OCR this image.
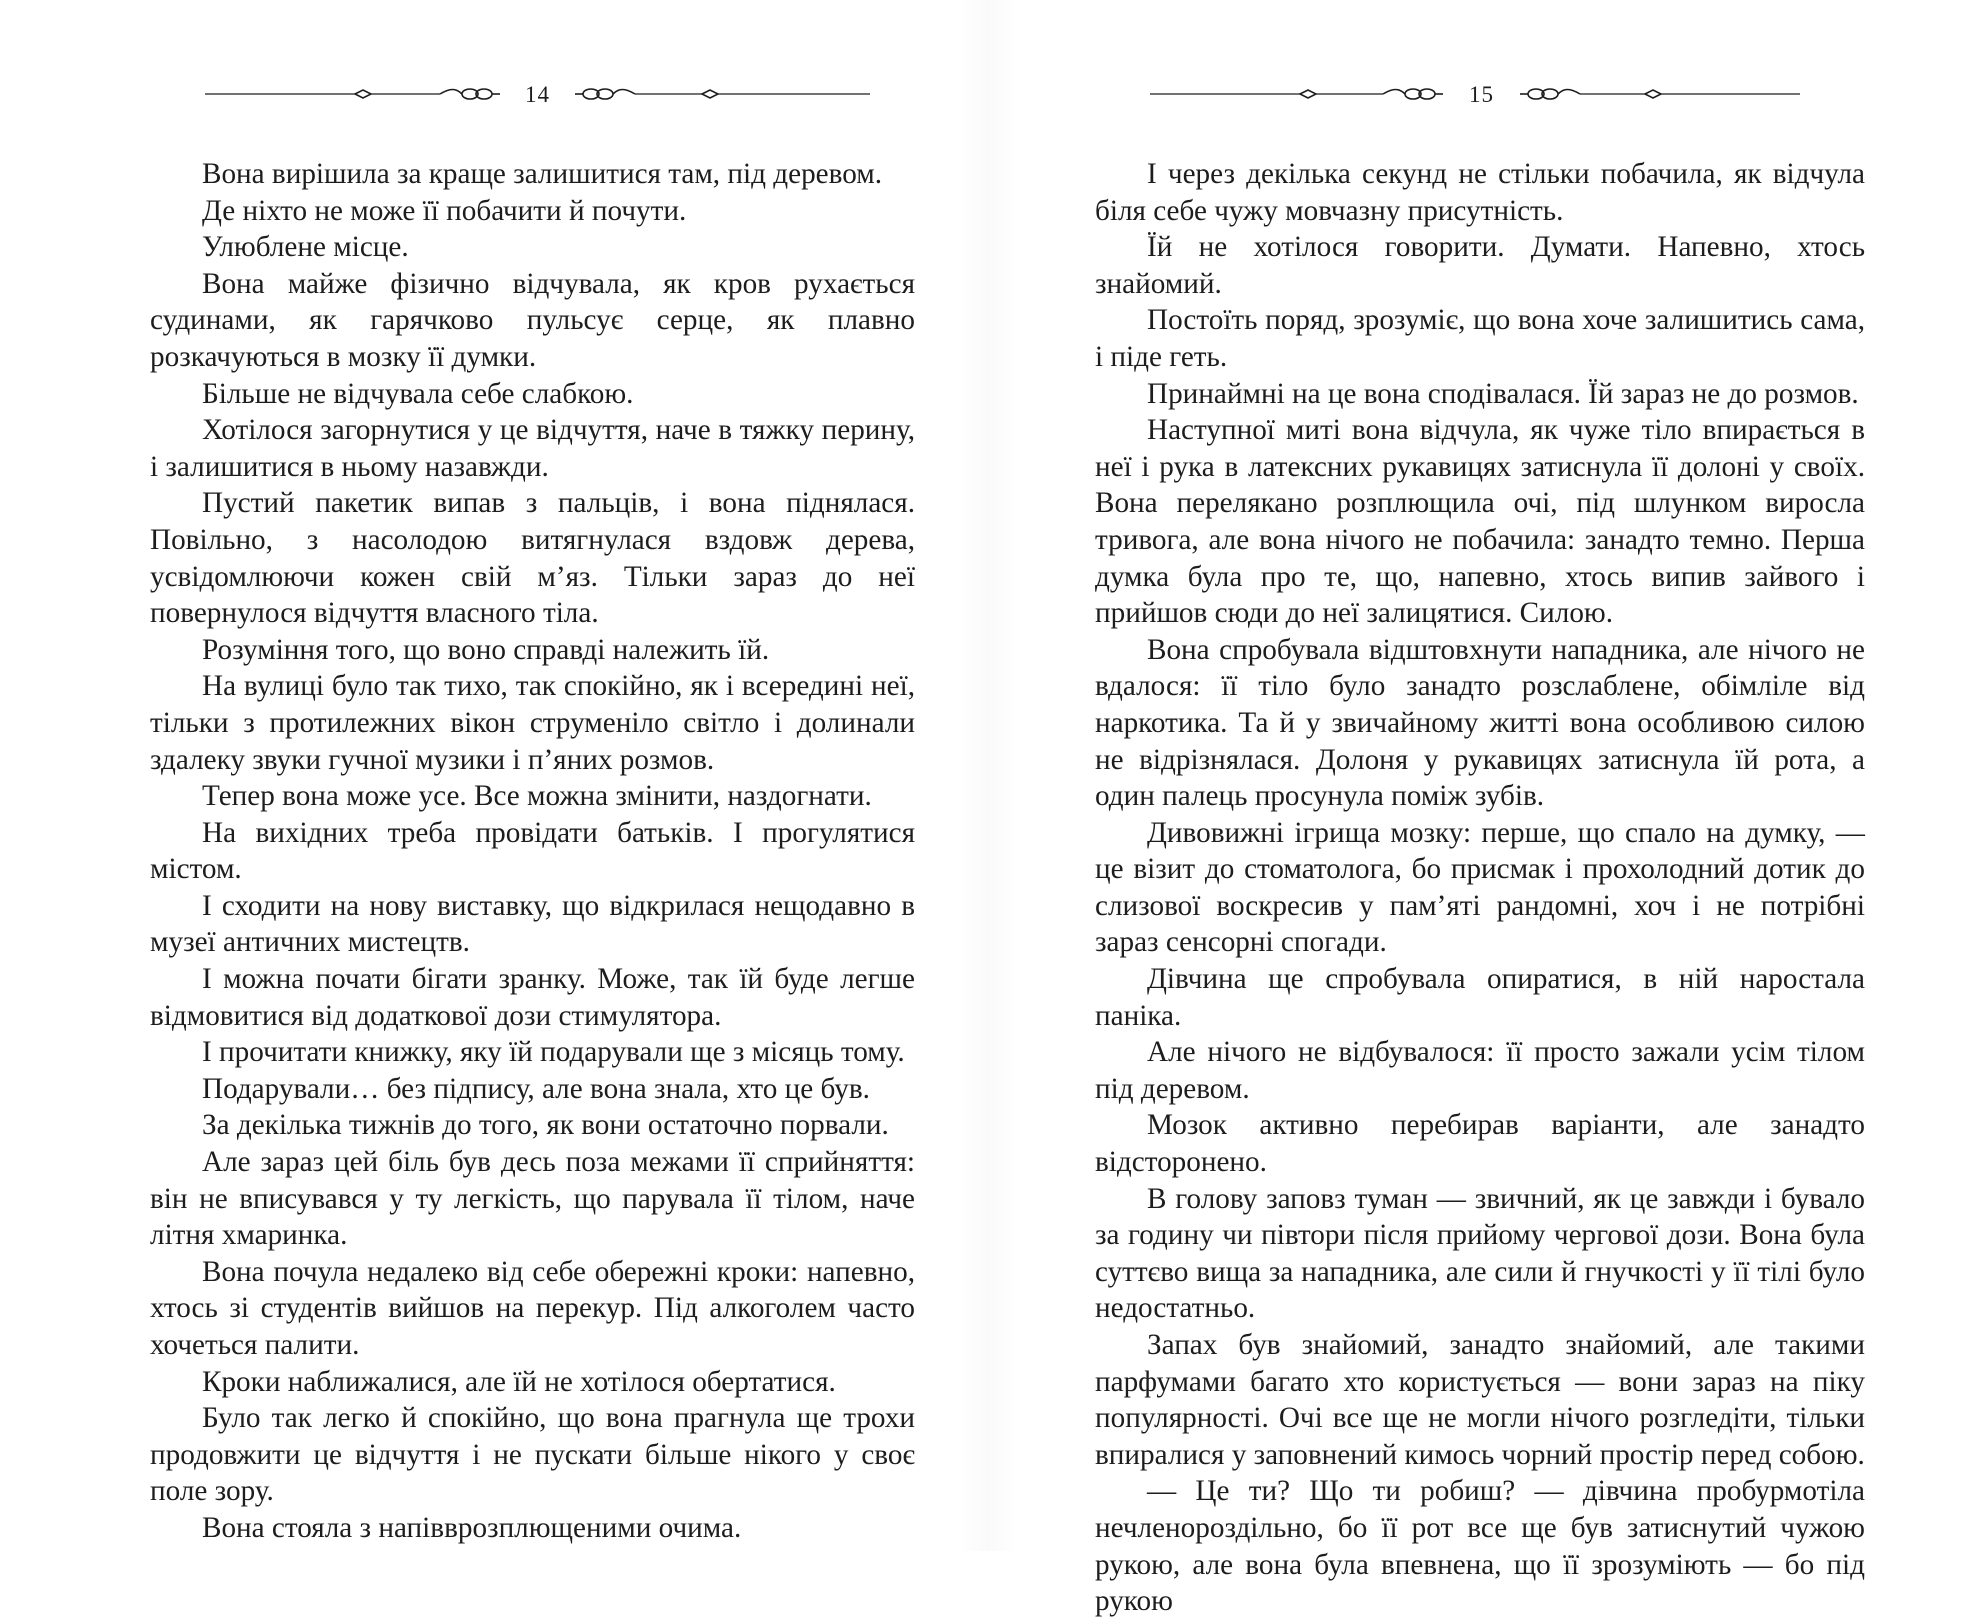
14

Вона вирішила за краще залишитися там, під деревом.

Де ніхто не може її побачити й почути.

Улюблене місце.

Вона майже фізично відчувала, як кров рухається судинами, як гарячково пульсує серце, як плавно розкачуються в мозку її думки.

Більше не відчувала себе слабкою.

Хотілося загорнутися у це відчуття, наче в тяжку перину, і залишитися в ньому назавжди.

Пустий пакетик випав з пальців, і вона піднялася. Повільно, з насолодою витягнулася вздовж дерева, усвідомлюючи кожен свій м’яз. Тільки зараз до неї повернулося відчуття власного тіла.

Розуміння того, що воно справді належить їй.

На вулиці було так тихо, так спокійно, як і всередині неї, тільки з протилежних вікон струменіло світло і долинали здалеку звуки гучної музики і п’яних розмов.

Тепер вона може усе. Все можна змінити, наздогнати.

На вихідних треба провідати батьків. І прогулятися містом.

І сходити на нову виставку, що відкрилася нещодавно в музеї античних мистецтв.

І можна почати бігати зранку. Може, так їй буде легше відмовитися від додаткової дози стимулятора.

І прочитати книжку, яку їй подарували ще з місяць тому.

Подарували… без підпису, але вона знала, хто це був.

За декілька тижнів до того, як вони остаточно порвали.

Але зараз цей біль був десь поза межами її сприйняття: він не вписувався у ту легкість, що парувала її тілом, наче літня хмаринка.

Вона почула недалеко від себе обережні кроки: напевно, хтось зі студентів вийшов на перекур. Під алкоголем часто хочеться палити.

Кроки наближалися, але їй не хотілося обертатися.

Було так легко й спокійно, що вона прагнула ще трохи продовжити це відчуття і не пускати більше нікого у своє поле зору.

Вона стояла з напівврозплющеними очима.

15

І через декілька секунд не стільки побачила, як відчула біля себе чужу мовчазну присутність.

Їй не хотілося говорити. Думати. Напевно, хтось знайомий.

Постоїть поряд, зрозуміє, що вона хоче залишитись сама, і піде геть.

Принаймні на це вона сподівалася. Їй зараз не до розмов.

Наступної миті вона відчула, як чуже тіло впирається в неї і рука в латексних рукавицях затиснула її долоні у своїх. Вона перелякано розплющила очі, під шлунком виросла тривога, але вона нічого не побачила: занадто темно. Перша думка була про те, що, напевно, хтось випив зайвого і прийшов сюди до неї залицятися. Силою.

Вона спробувала відштовхнути нападника, але нічого не вдалося: її тіло було занадто розслаблене, обімліле від наркотика. Та й у звичайному житті вона особливою силою не відрізнялася. Долоня у рукавицях затиснула їй рота, а один палець просунула поміж зубів.

Дивовижні ігрища мозку: перше, що спало на думку, — це візит до стоматолога, бо присмак і прохолодний дотик до слизової воскресив у пам’яті рандомні, хоч і не потрібні зараз сенсорні спогади.

Дівчина ще спробувала опиратися, в ній наростала паніка.

Але нічого не відбувалося: її просто зажали усім тілом під деревом.

Мозок активно перебирав варіанти, але занадто відсторонено.

В голову заповз туман — звичний, як це завжди і бувало за годину чи півтори після прийому чергової дози. Вона була суттєво вища за нападника, але сили й гнучкості у її тілі було недостатньо.

Запах був знайомий, занадто знайомий, але такими парфумами багато хто користується — вони зараз на піку популярності. Очі все ще не могли нічого розгледіти, тільки впиралися у заповнений кимось чорний простір перед собою.

— Це ти? Що ти робиш? — дівчина пробурмотіла нечленороздільно, бо її рот все ще був затиснутий чужою рукою, але вона була впевнена, що її зрозуміють — бо під рукою
